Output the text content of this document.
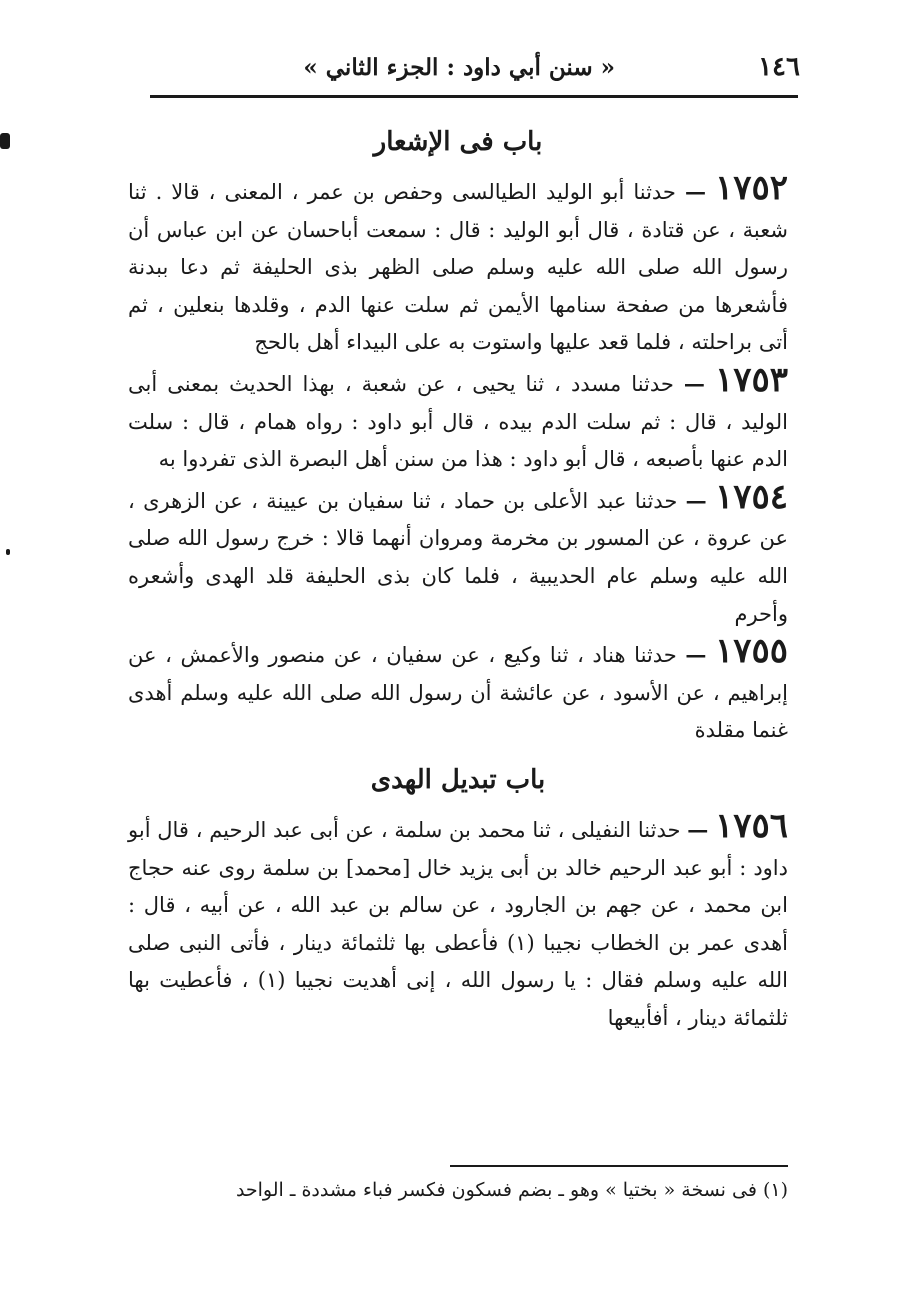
١٤٦
« سنن أبي داود : الجزء الثاني »
باب فى الإشعار

١٧٥٢ — حدثنا أبو الوليد الطيالسى وحفص بن عمر ، المعنى ، قالا . ثنا شعبة ، عن قتادة ، قال أبو الوليد : قال : سمعت أباحسان عن ابن عباس أن رسول الله صلى الله عليه وسلم صلى الظهر بذى الحليفة ثم دعا ببدنة فأشعرها من صفحة سنامها الأيمن ثم سلت عنها الدم ، وقلدها بنعلين ، ثم أتى براحلته ، فلما قعد عليها واستوت به على البيداء أهل بالحج

١٧٥٣ — حدثنا مسدد ، ثنا يحيى ، عن شعبة ، بهذا الحديث بمعنى أبى الوليد ، قال : ثم سلت الدم بيده ، قال أبو داود : رواه همام ، قال : سلت الدم عنها بأصبعه ، قال أبو داود : هذا من سنن أهل البصرة الذى تفردوا به

١٧٥٤ — حدثنا عبد الأعلى بن حماد ، ثنا سفيان بن عيينة ، عن الزهرى ، عن عروة ، عن المسور بن مخرمة ومروان أنهما قالا : خرج رسول الله صلى الله عليه وسلم عام الحديبية ، فلما كان بذى الحليفة قلد الهدى وأشعره وأحرم

١٧٥٥ — حدثنا هناد ، ثنا وكيع ، عن سفيان ، عن منصور والأعمش ، عن إبراهيم ، عن الأسود ، عن عائشة أن رسول الله صلى الله عليه وسلم أهدى غنما مقلدة

باب تبديل الهدى

١٧٥٦ — حدثنا النفيلى ، ثنا محمد بن سلمة ، عن أبى عبد الرحيم ، قال أبو داود : أبو عبد الرحيم خالد بن أبى يزيد خال [محمد] بن سلمة روى عنه حجاج ابن محمد ، عن جهم بن الجارود ، عن سالم بن عبد الله ، عن أبيه ، قال : أهدى عمر بن الخطاب نجيبا (١) فأعطى بها ثلثمائة دينار ، فأتى النبى صلى الله عليه وسلم فقال : يا رسول الله ، إنى أهديت نجيبا (١) ، فأعطيت بها ثلثمائة دينار ، أفأبيعها

(١) فى نسخة « بختيا » وهو ـ بضم فسكون فكسر فباء مشددة ـ الواحد
